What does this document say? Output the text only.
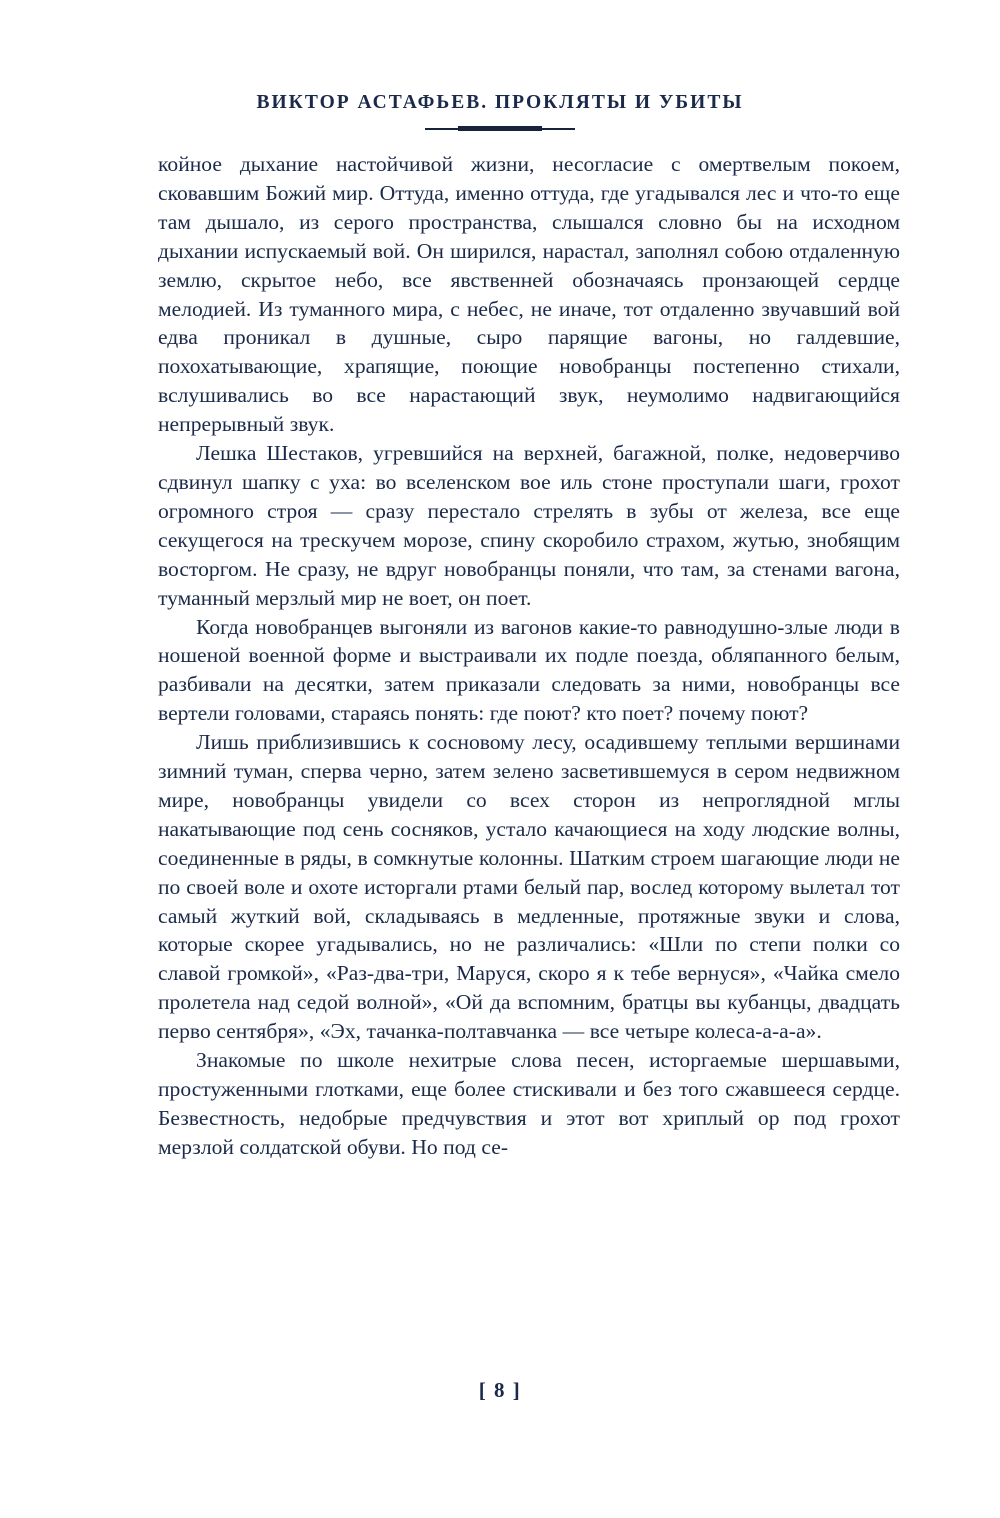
ВИКТОР АСТАФЬЕВ. ПРОКЛЯТЫ И УБИТЫ

койное дыхание настойчивой жизни, несогласие с омертвелым покоем, сковавшим Божий мир. Оттуда, именно оттуда, где угадывался лес и что-то еще там дышало, из серого пространства, слышался словно бы на исходном дыхании испускаемый вой. Он ширился, нарастал, заполнял собою отдаленную землю, скрытое небо, все явственней обозначаясь пронзающей сердце мелодией. Из туманного мира, с небес, не иначе, тот отдаленно звучавший вой едва проникал в душные, сыро парящие вагоны, но галдевшие, похохатывающие, храпящие, поющие новобранцы постепенно стихали, вслушивались во все нарастающий звук, неумолимо надвигающийся непрерывный звук.

Лешка Шестаков, угревшийся на верхней, багажной, полке, недоверчиво сдвинул шапку с уха: во вселенском вое иль стоне проступали шаги, грохот огромного строя — сразу перестало стрелять в зубы от железа, все еще секущегося на трескучем морозе, спину скоробило страхом, жутью, знобящим восторгом. Не сразу, не вдруг новобранцы поняли, что там, за стенами вагона, туманный мерзлый мир не воет, он поет.

Когда новобранцев выгоняли из вагонов какие-то равнодушно-злые люди в ношеной военной форме и выстраивали их подле поезда, обляпанного белым, разбивали на десятки, затем приказали следовать за ними, новобранцы все вертели головами, стараясь понять: где поют? кто поет? почему поют?

Лишь приблизившись к сосновому лесу, осадившему теплыми вершинами зимний туман, сперва черно, затем зелено засветившемуся в сером недвижном мире, новобранцы увидели со всех сторон из непроглядной мглы накатывающие под сень сосняков, устало качающиеся на ходу людские волны, соединенные в ряды, в сомкнутые колонны. Шатким строем шагающие люди не по своей воле и охоте исторгали ртами белый пар, вослед которому вылетал тот самый жуткий вой, складываясь в медленные, протяжные звуки и слова, которые скорее угадывались, но не различались: «Шли по степи полки со славой громкой», «Раз-два-три, Маруся, скоро я к тебе вернуся», «Чайка смело пролетела над седой волной», «Ой да вспомним, братцы вы кубанцы, двадцать перво сентября», «Эх, тачанка-полтавчанка — все четыре колеса-а-а-а».

Знакомые по школе нехитрые слова песен, исторгаемые шершавыми, простуженными глотками, еще более стискивали и без того сжавшееся сердце. Безвестность, недобрые предчувствия и этот вот хриплый ор под грохот мерзлой солдатской обуви. Но под се-

[ 8 ]
